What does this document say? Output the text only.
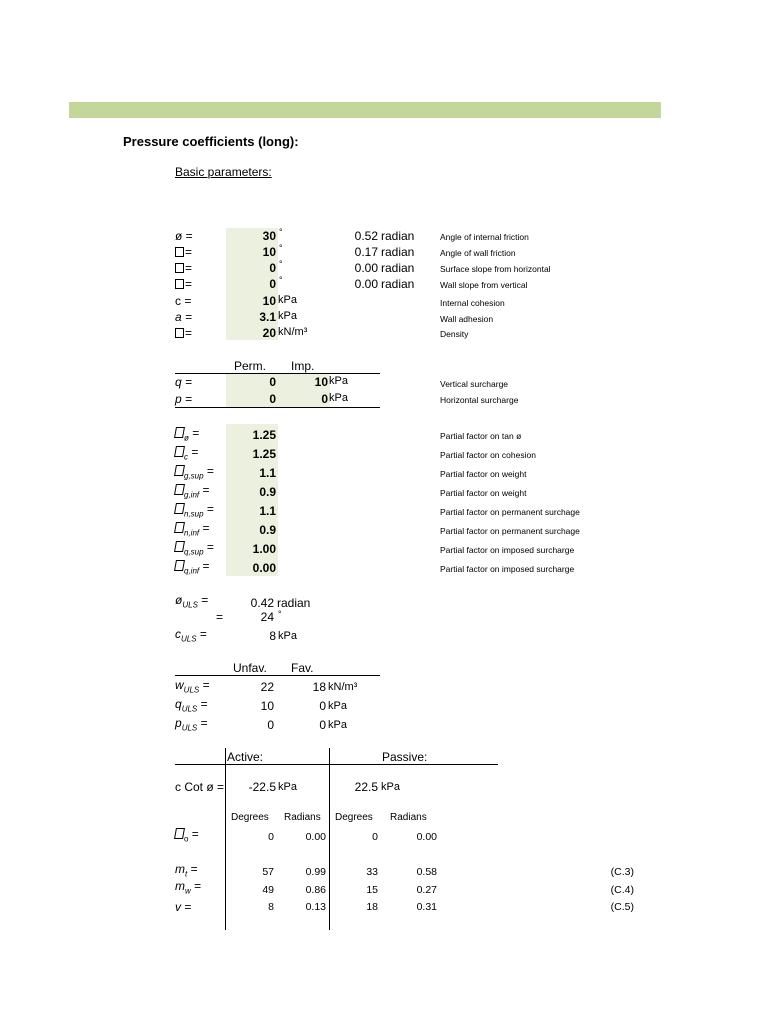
Pressure coefficients (long):
Basic parameters:
ø =	30 °	0.52 radian	Angle of internal friction
=	10 °	0.17 radian	Angle of wall friction
=	0 °	0.00 radian	Surface slope from horizontal
=	0 °	0.00 radian	Wall slope from vertical
c =	10 kPa	Internal cohesion
a =	3.1 kPa	Wall adhesion
=	20 kN/m³	Density
Perm. Imp.
q =	0	10 kPa	Vertical surcharge
p =	0	0 kPa	Horizontal surcharge
$_ø$ =	1.25	Partial factor on tan ø
$_c$ =	1.25	Partial factor on cohesion
$_{g,sup}$ =	1.1	Partial factor on weight
$_{g,inf}$ =	0.9	Partial factor on weight
$_{n,sup}$ =	1.1	Partial factor on permanent surchage
$_{n,inf}$ =	0.9	Partial factor on permanent surchage
$_{q,sup}$ =	1.00	Partial factor on imposed surcharge
$_{q,inf}$ =	0.00	Partial factor on imposed surcharge
$ø_{ULS}$ =	0.42 radian
=	24 °
$c_{ULS}$ =	8 kPa
Unfav. Fav.
$w_{ULS}$ =	22	18 kN/m³
$q_{ULS}$ =	10	0 kPa
$p_{ULS}$ =	0	0 kPa
Active:	Passive:
c Cot ø =	-22.5 kPa	22.5 kPa
Degrees Radians Degrees Radians
$_o$ =	0	0.00	0	0.00
$m_t$ =	57	0.99	33	0.58	(C.3)
$m_w$ =	49	0.86	15	0.27	(C.4)
v =	8	0.13	18	0.31	(C.5)
